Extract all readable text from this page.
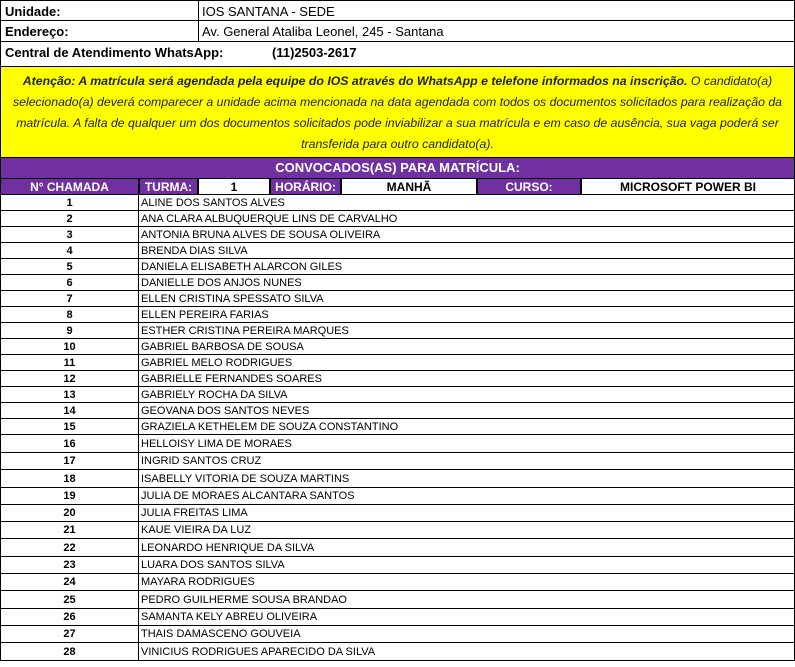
Unidade:	IOS SANTANA - SEDE
Endereço:	Av. General Ataliba Leonel, 245 - Santana
Central de Atendimento WhatsApp:	(11)2503-2617
Atenção: A matrícula será agendada pela equipe do IOS através do WhatsApp e telefone informados na inscrição. O candidato(a) selecionado(a) deverá comparecer a unidade acima mencionada na data agendada com todos os documentos solicitados para realização da matrícula. A falta de qualquer um dos documentos solicitados pode inviabilizar a sua matrícula e em caso de ausência, sua vaga poderá ser transferida para outro candidato(a).
CONVOCADOS(AS) PARA MATRÍCULA:
N° CHAMADA	TURMA:	1	HORÁRIO:	MANHÃ	CURSO:	MICROSOFT POWER BI
1	ALINE DOS SANTOS ALVES
2	ANA CLARA ALBUQUERQUE LINS DE CARVALHO
3	ANTONIA BRUNA ALVES DE SOUSA OLIVEIRA
4	BRENDA DIAS SILVA
5	DANIELA ELISABETH ALARCON GILES
6	DANIELLE DOS ANJOS NUNES
7	ELLEN CRISTINA SPESSATO SILVA
8	ELLEN PEREIRA FARIAS
9	ESTHER CRISTINA PEREIRA MARQUES
10	GABRIEL BARBOSA DE SOUSA
11	GABRIEL MELO RODRIGUES
12	GABRIELLE FERNANDES SOARES
13	GABRIELY ROCHA DA SILVA
14	GEOVANA DOS SANTOS NEVES
15	GRAZIELA KETHELEM DE SOUZA CONSTANTINO
16	HELLOISY LIMA DE MORAES
17	INGRID SANTOS CRUZ
18	ISABELLY VITORIA DE SOUZA MARTINS
19	JULIA DE MORAES ALCANTARA SANTOS
20	JULIA FREITAS LIMA
21	KAUE VIEIRA DA LUZ
22	LEONARDO HENRIQUE DA SILVA
23	LUARA DOS SANTOS SILVA
24	MAYARA RODRIGUES
25	PEDRO GUILHERME SOUSA BRANDAO
26	SAMANTA KELY ABREU OLIVEIRA
27	THAIS DAMASCENO GOUVEIA
28	VINICIUS RODRIGUES APARECIDO DA SILVA
